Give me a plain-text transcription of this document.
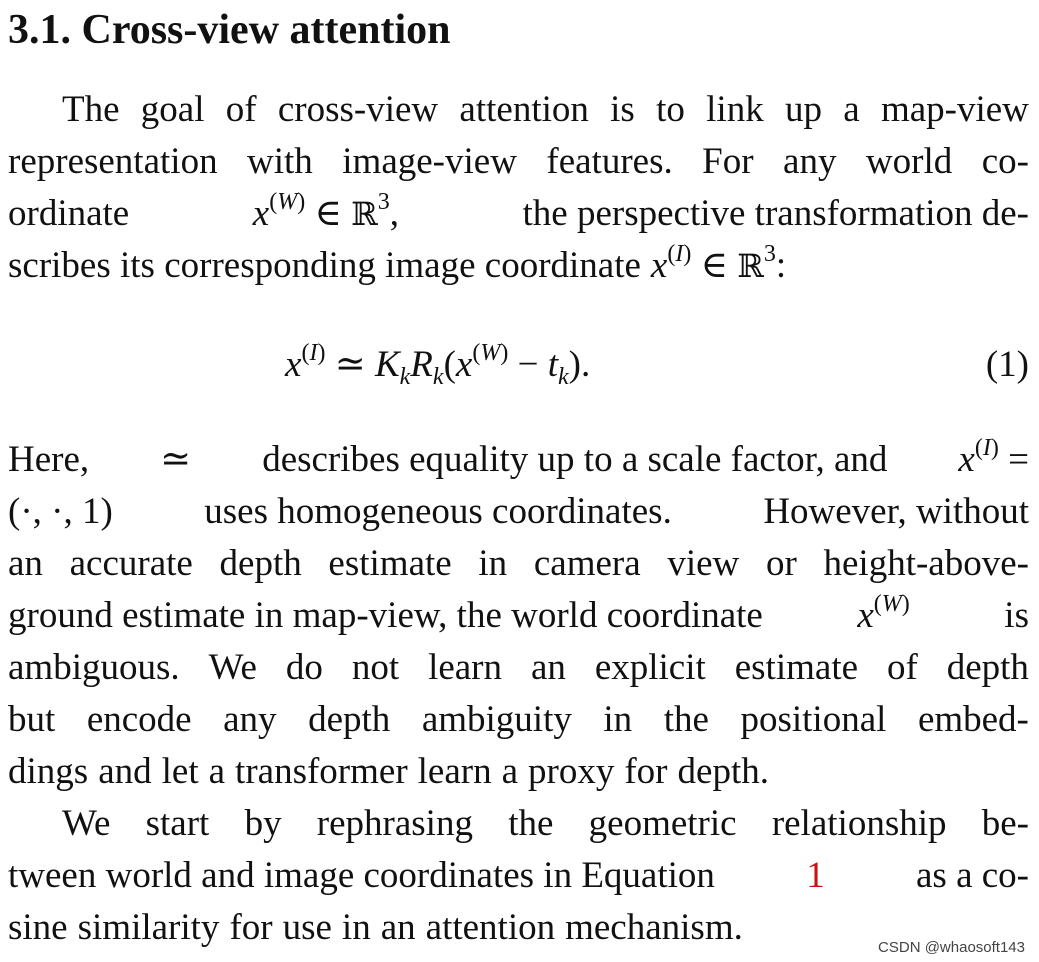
3.1. Cross-view attention
The goal of cross-view attention is to link up a map-view
representation with image-view features. For any world co-
ordinate	$x^{(W)}$ ∈ ℝ$^3$,	the perspective transformation de-
scribes its corresponding image coordinate $x^{(I)}$ ∈ ℝ$^3$:
$x^{(I)}$ ≃ $K_kR_k(x^{(W)} - t_k)$.	(1)
Here, ≃ describes equality up to a scale factor, and $x^{(I)}$ =
(·, ·, 1) uses homogeneous coordinates. However, without
an accurate depth estimate in camera view or height-above-
ground estimate in map-view, the world coordinate	$x^{(W)}$	is
ambiguous. We do not learn an explicit estimate of depth
but encode any depth ambiguity in the positional embed-
dings and let a transformer learn a proxy for depth.
We start by rephrasing the geometric relationship be-
tween world and image coordinates in Equation 1 as a co-
sine similarity for use in an attention mechanism.	CSDN @whaosoft143
